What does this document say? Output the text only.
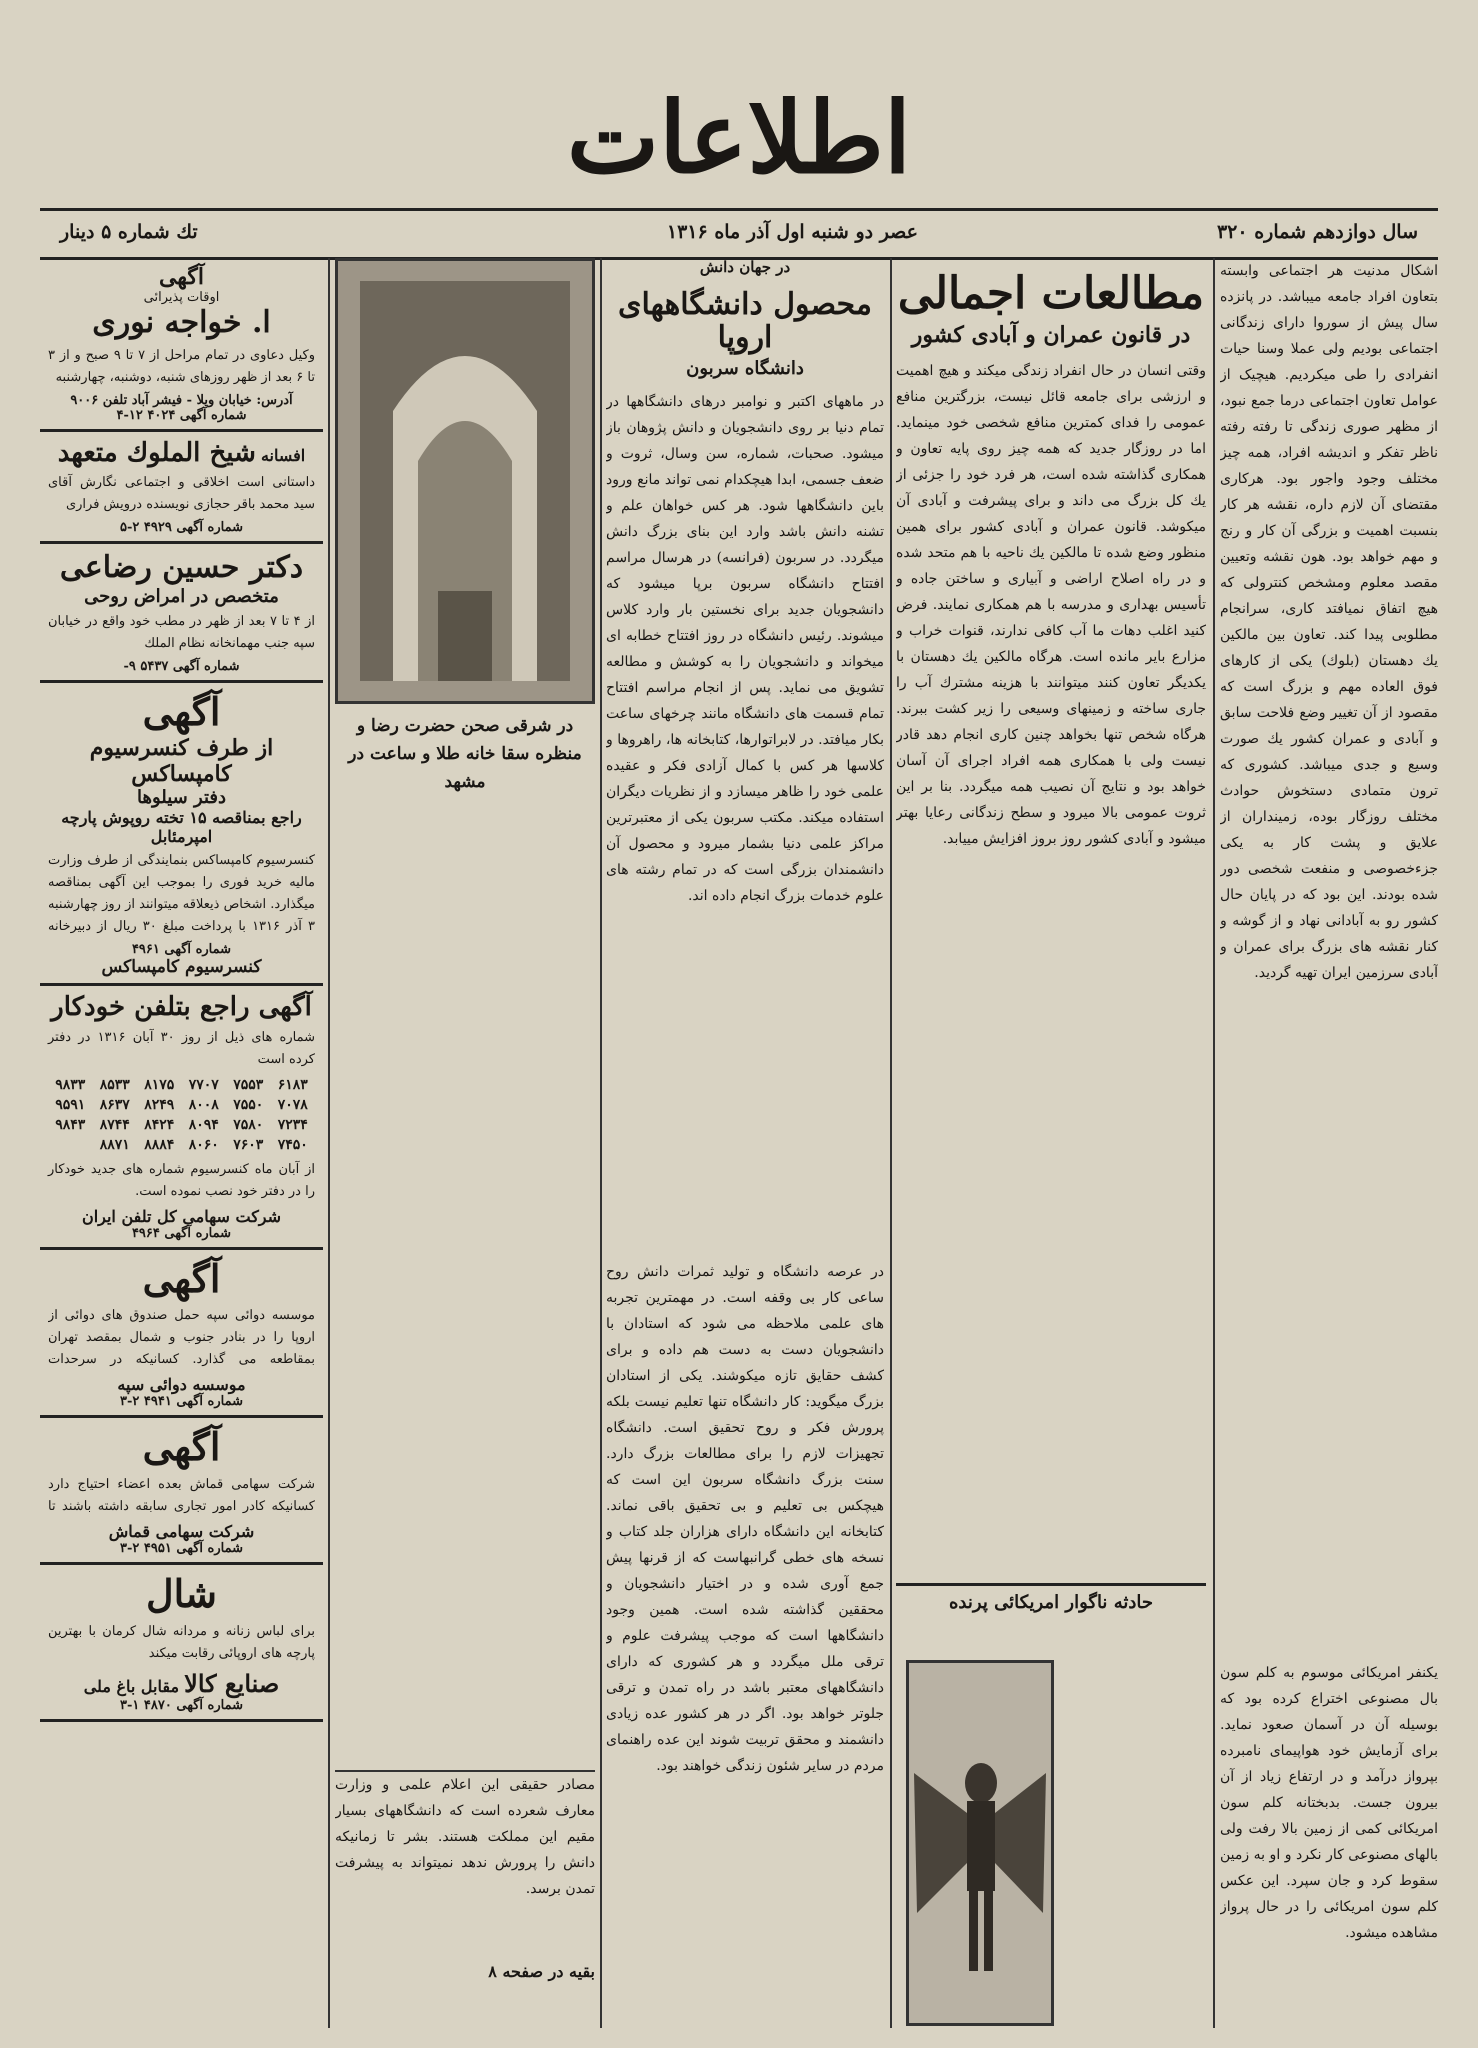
اطلاعات
سال دوازدهم شماره ۳۲۰
عصر دو شنبه اول آذر ماه ۱۳۱۶
تك شماره ۵ دینار
اشکال مدنیت هر اجتماعی وابسته بتعاون افراد جامعه میباشد. در پانزده سال پیش از سوروا دارای زندگانی اجتماعی بودیم ولی عملا وسنا حیات انفرادی را طی میکردیم. هیچیک از عوامل تعاون اجتماعی درما جمع نبود، از مظهر صوری زندگی تا رفته رفته ناظر تفکر و اندیشه افراد، همه چیز مختلف وجود واجور بود. هرکاری مقتضای آن لازم داره، نقشه هر کار بنسبت اهمیت و بزرگی آن کار و رنج و مهم خواهد بود. هون نقشه وتعیین مقصد معلوم ومشخص کنترولی که هیچ اتفاق نمیافتد کاری، سرانجام مطلوبی پیدا کند. تعاون بین مالکین یك دهستان (بلوك) یکی از کارهای فوق العاده مهم و بزرگ است که مقصود از آن تغییر وضع فلاحت سابق و آبادی و عمران کشور یك صورت وسیع و جدی میباشد. کشوری که ترون متمادی دستخوش حوادث مختلف روزگار بوده، زمینداران از علایق و پشت کار به یکی جزءخصوصی و منفعت شخصی دور شده بودند. این بود که در پایان حال کشور رو به آبادانی نهاد و از گوشه و کنار نقشه های بزرگ برای عمران و آبادی سرزمین ایران تهیه گردید.
مطالعات اجمالی
در قانون عمران و آبادی کشور
وقتی انسان در حال انفراد زندگی میکند و هیچ اهمیت و ارزشی برای جامعه قائل نیست، بزرگترین منافع عمومی را فدای کمترین منافع شخصی خود مینماید. اما در روزگار جدید که همه چیز روی پایه تعاون و همکاری گذاشته شده است، هر فرد خود را جزئی از یك کل بزرگ می داند و برای پیشرفت و آبادی آن میکوشد. قانون عمران و آبادی کشور برای همین منظور وضع شده تا مالکین یك ناحیه با هم متحد شده و در راه اصلاح اراضی و آبیاری و ساختن جاده و تأسیس بهداری و مدرسه با هم همکاری نمایند. فرض کنید اغلب دهات ما آب کافی ندارند، قنوات خراب و مزارع بایر مانده است. هرگاه مالکین یك دهستان با یکدیگر تعاون کنند میتوانند با هزینه مشترك آب را جاری ساخته و زمینهای وسیعی را زیر کشت ببرند. هرگاه شخص تنها بخواهد چنین کاری انجام دهد قادر نیست ولی با همکاری همه افراد اجرای آن آسان خواهد بود و نتایج آن نصیب همه میگردد. بنا بر این ثروت عمومی بالا میرود و سطح زندگانی رعایا بهتر میشود و آبادی کشور روز بروز افزایش مییابد.
حادثه ناگوار امریکائی پرنده
یکنفر امریکائی موسوم به کلم سون بال مصنوعی اختراع کرده بود که بوسیله آن در آسمان صعود نماید. برای آزمایش خود هواپیمای نامبرده بپرواز درآمد و در ارتفاع زیاد از آن بیرون جست. بدبختانه کلم سون امریکائی کمی از زمین بالا رفت ولی بالهای مصنوعی کار نکرد و او به زمین سقوط کرد و جان سپرد. این عکس کلم سون امریکائی را در حال پرواز مشاهده میشود.
در جهان دانش
محصول دانشگاههای اروپا
دانشگاه سربون
در ماههای اکتبر و نوامبر درهای دانشگاهها در تمام دنیا بر روی دانشجویان و دانش پژوهان باز میشود. صحبات، شماره، سن وسال، ثروت و ضعف جسمی، ابدا هیچکدام نمی تواند مانع ورود باین دانشگاهها شود. هر کس خواهان علم و تشنه دانش باشد وارد این بنای بزرگ دانش میگردد. در سربون (فرانسه) در هرسال مراسم افتتاح دانشگاه سربون برپا میشود که دانشجویان جدید برای نخستین بار وارد کلاس میشوند. رئیس دانشگاه در روز افتتاح خطابه ای میخواند و دانشجویان را به کوشش و مطالعه تشویق می نماید. پس از انجام مراسم افتتاح تمام قسمت های دانشگاه مانند چرخهای ساعت بکار میافتد. در لابراتوارها، کتابخانه ها، راهروها و کلاسها هر کس با کمال آزادی فکر و عقیده علمی خود را ظاهر میسازد و از نظریات دیگران استفاده میکند. مکتب سربون یکی از معتبرترین مراکز علمی دنیا بشمار میرود و محصول آن دانشمندان بزرگی است که در تمام رشته های علوم خدمات بزرگ انجام داده اند.
در عرصه دانشگاه و تولید ثمرات دانش روح ساعی کار بی وقفه است. در مهمترین تجربه های علمی ملاحظه می شود که استادان با دانشجویان دست به دست هم داده و برای کشف حقایق تازه میکوشند. یکی از استادان بزرگ میگوید: کار دانشگاه تنها تعلیم نیست بلکه پرورش فکر و روح تحقیق است. دانشگاه تجهیزات لازم را برای مطالعات بزرگ دارد. سنت بزرگ دانشگاه سربون این است که هیچکس بی تعلیم و بی تحقیق باقی نماند. کتابخانه این دانشگاه دارای هزاران جلد کتاب و نسخه های خطی گرانبهاست که از قرنها پیش جمع آوری شده و در اختیار دانشجویان و محققین گذاشته شده است. همین وجود دانشگاهها است که موجب پیشرفت علوم و ترقی ملل میگردد و هر کشوری که دارای دانشگاههای معتبر باشد در راه تمدن و ترقی جلوتر خواهد بود. اگر در هر کشور عده زیادی دانشمند و محقق تربیت شوند این عده راهنمای مردم در سایر شئون زندگی خواهند بود.
در شرقی صحن حضرت رضا و منظره سقا خانه طلا و ساعت در مشهد
آگهی
اوقات پذیرائی
ا. خواجه نوری

وکیل دعاوی در تمام مراحل از ۷ تا ۹ صبح و از ۳ تا ۶ بعد از ظهر روزهای شنبه، دوشنبه، چهارشنبه

آدرس: خیابان ویلا - فیشر آباد تلفن ۹۰۰۶
شماره آگهی ۴۰۲۴ ۱۲-۴
افسانه شیخ الملوك متعهد

داستانی است اخلاقی و اجتماعی نگارش آقای سید محمد باقر حجازی نویسنده درویش فراری

شماره آگهی ۴۹۲۹ ۲-۵
دکتر حسین رضاعی
متخصص در امراض روحی

از ۴ تا ۷ بعد از ظهر در مطب خود واقع در خیابان سپه جنب مهمانخانه نظام الملك

شماره آگهی ۵۴۳۷ ۹-
آگهی
از طرف کنسرسیوم کامپساکس
دفتر سیلوها
راجع بمناقصه ۱۵ تخته روپوش پارچه امپرمئابل

کنسرسیوم کامپساکس بنمایندگی از طرف وزارت مالیه خرید فوری را بموجب این آگهی بمناقصه میگذارد. اشخاص ذیعلاقه میتوانند از روز چهارشنبه ۳ آذر ۱۳۱۶ با پرداخت مبلغ ۳۰ ریال از دبیرخانه

شماره آگهی ۴۹۶۱
کنسرسیوم کامپساکس
آگهی راجع بتلفن خودکار

شماره های ذیل از روز ۳۰ آبان ۱۳۱۶ در دفتر کرده است

۹۸۳۳	۸۵۳۳	۸۱۷۵	۷۷۰۷	۷۵۵۳	۶۱۸۳
۹۵۹۱	۸۶۳۷	۸۲۴۹	۸۰۰۸	۷۵۵۰	۷۰۷۸
۹۸۴۳	۸۷۴۴	۸۴۲۴	۸۰۹۴	۷۵۸۰	۷۲۳۴
	۸۸۷۱	۸۸۸۴	۸۰۶۰	۷۶۰۳	۷۴۵۰

از آبان ماه کنسرسیوم شماره های جدید خودکار را در دفتر خود نصب نموده است.

شرکت سهامی کل تلفن ایران
شماره آگهی ۴۹۶۴
آگهی

موسسه دوائی سپه حمل صندوق های دوائی از اروپا را در بنادر جنوب و شمال بمقصد تهران بمقاطعه می گذارد. کسانیکه در سرحدات

موسسه دوائی سپه
شماره آگهی ۴۹۴۱ ۲-۳
آگهی

شرکت سهامی قماش بعده اعضاء احتیاج دارد کسانیکه کادر امور تجاری سابقه داشته باشند تا

شرکت سهامی قماش
شماره آگهی ۴۹۵۱ ۲-۳
شال

برای لباس زنانه و مردانه شال کرمان با بهترین پارچه های اروپائی رقابت میکند

صنایع کالا مقابل باغ ملی
شماره آگهی ۴۸۷۰ ۱-۳
مصادر حقیقی این اعلام علمی و وزارت معارف شعرده است که دانشگاههای بسیار مقیم این مملکت هستند. بشر تا زمانیکه دانش را پرورش ندهد نمیتواند به پیشرفت تمدن برسد.
بقیه در صفحه ۸
